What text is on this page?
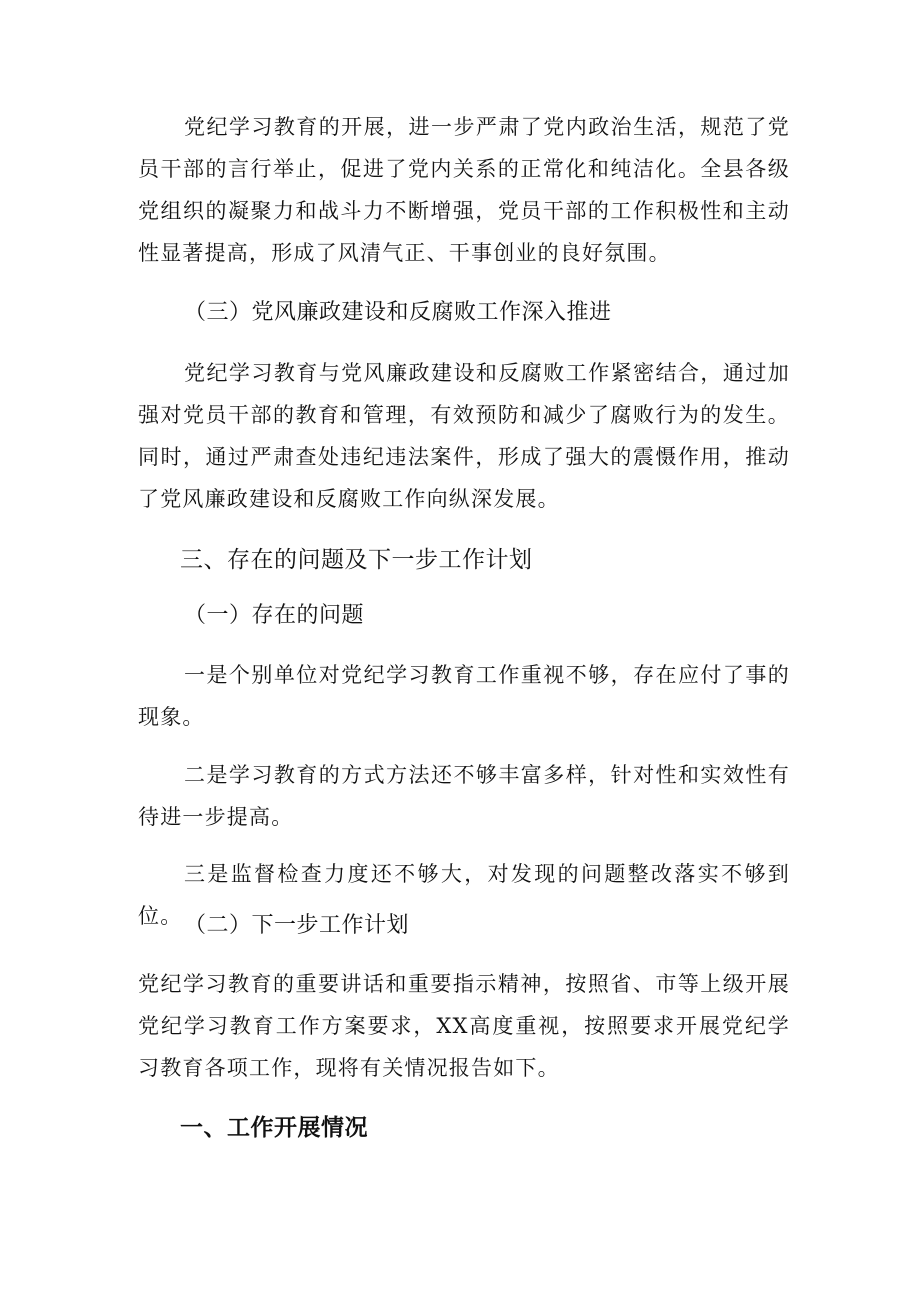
党纪学习教育的开展，进一步严肃了党内政治生活，规范了党员干部的言行举止，促进了党内关系的正常化和纯洁化。全县各级党组织的凝聚力和战斗力不断增强，党员干部的工作积极性和主动性显著提高，形成了风清气正、干事创业的良好氛围。

（三）党风廉政建设和反腐败工作深入推进

党纪学习教育与党风廉政建设和反腐败工作紧密结合，通过加强对党员干部的教育和管理，有效预防和减少了腐败行为的发生。同时，通过严肃查处违纪违法案件，形成了强大的震慑作用，推动了党风廉政建设和反腐败工作向纵深发展。

三、存在的问题及下一步工作计划

（一）存在的问题

一是个别单位对党纪学习教育工作重视不够，存在应付了事的现象。

二是学习教育的方式方法还不够丰富多样，针对性和实效性有待进一步提高。

三是监督检查力度还不够大，对发现的问题整改落实不够到位。 （二）下一步工作计划

党纪学习教育的重要讲话和重要指示精神，按照省、市等上级开展党纪学习教育工作方案要求，XX高度重视，按照要求开展党纪学习教育各项工作，现将有关情况报告如下。

一、工作开展情况
